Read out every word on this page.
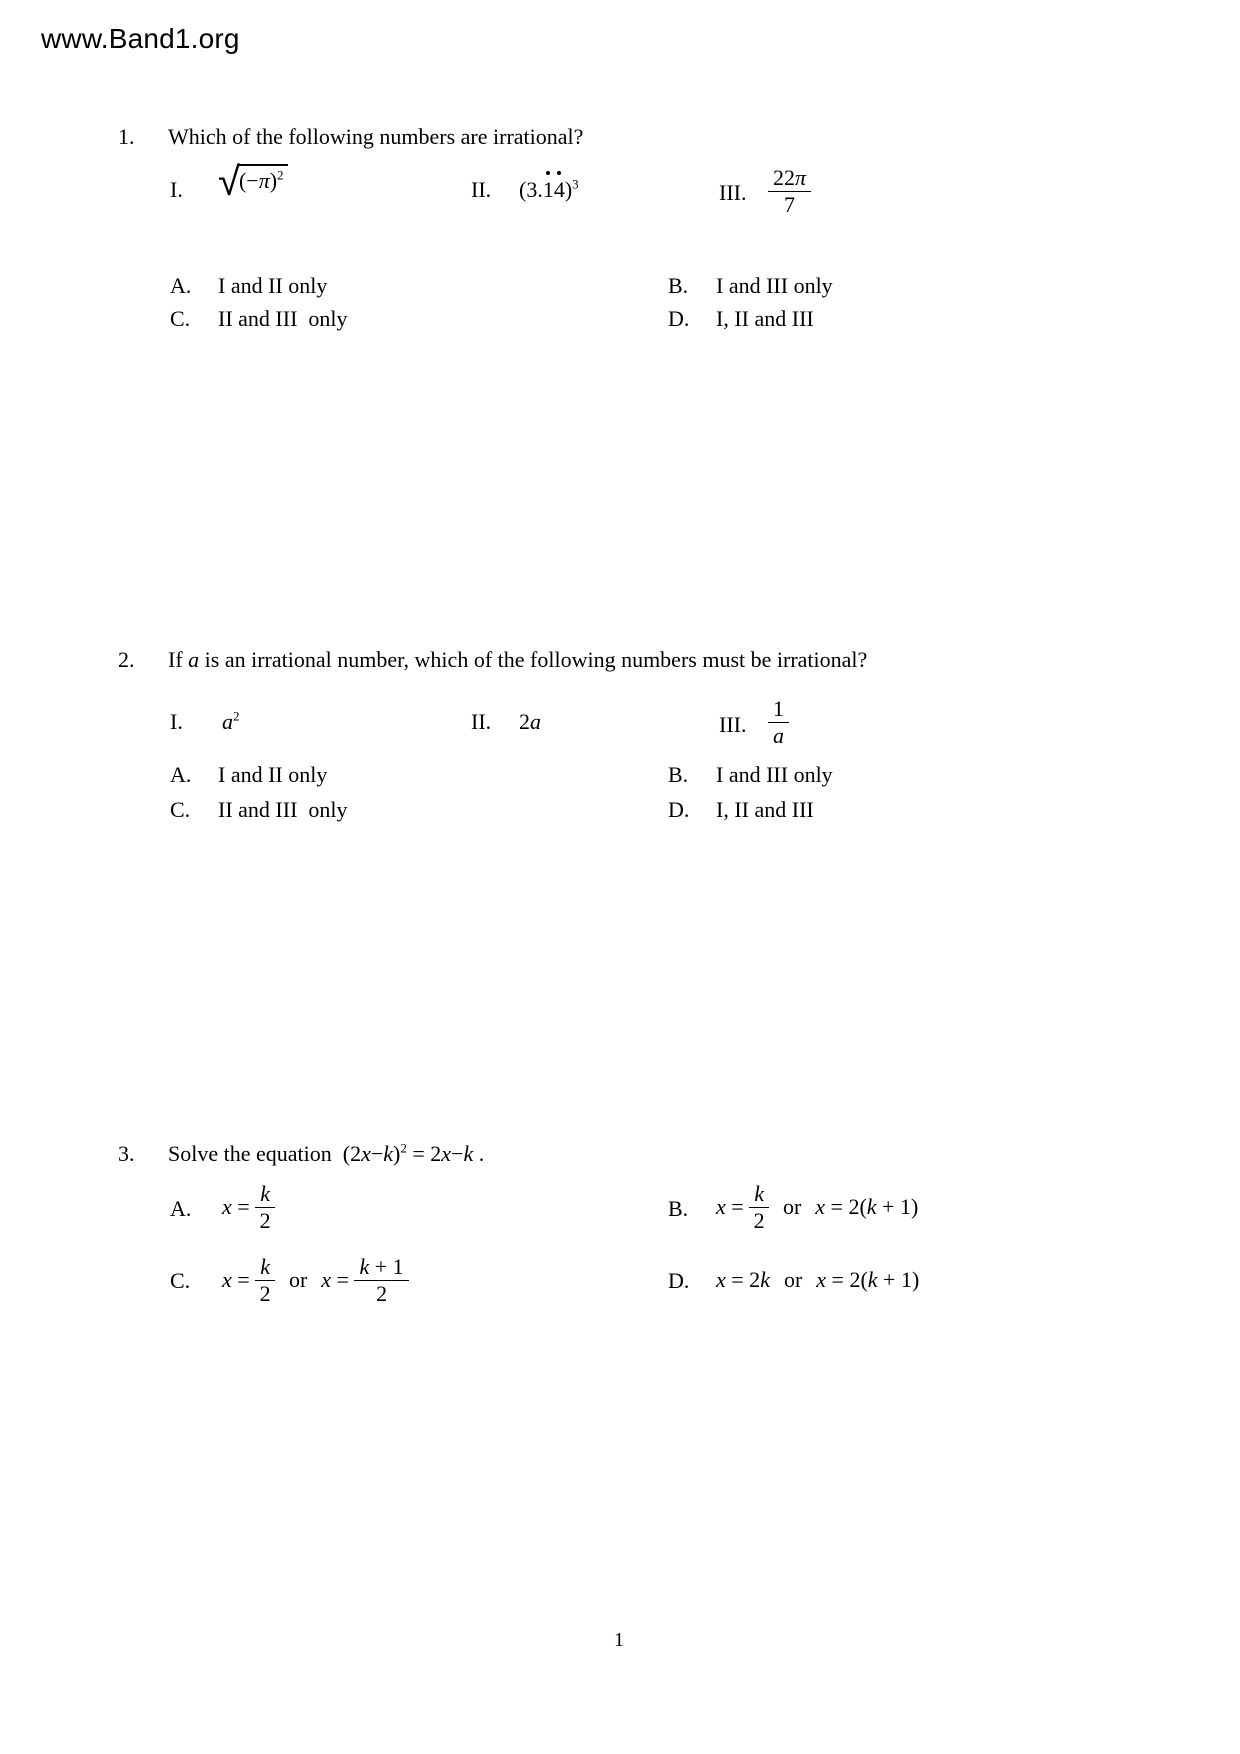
www.Band1.org
1. Which of the following numbers are irrational?
I. √ $(-\pi)^2$
II. $(3.14)^3$	III. $\frac{22\pi}{7}$
A. I and II only	B. I and III only
C. II and III  only	D. I, II and III
2. If a is an irrational number, which of the following numbers must be irrational?
I. $a^2$	II. 2a	III. $\frac{1}{a}$
A. I and II only	B. I and III only
C. II and III  only	D. I, II and III
3. Solve the equation  $(2x-k)^2 = 2x-k$ .
A. $x = \frac{k}{2}$	B. $x = \frac{k}{2}$ or x = 2( k + 1)
C. $x = \frac{k}{2}$ or $x = \frac{k + 1}{2}$	D. x = 2 k or x = 2( k + 1)
1
